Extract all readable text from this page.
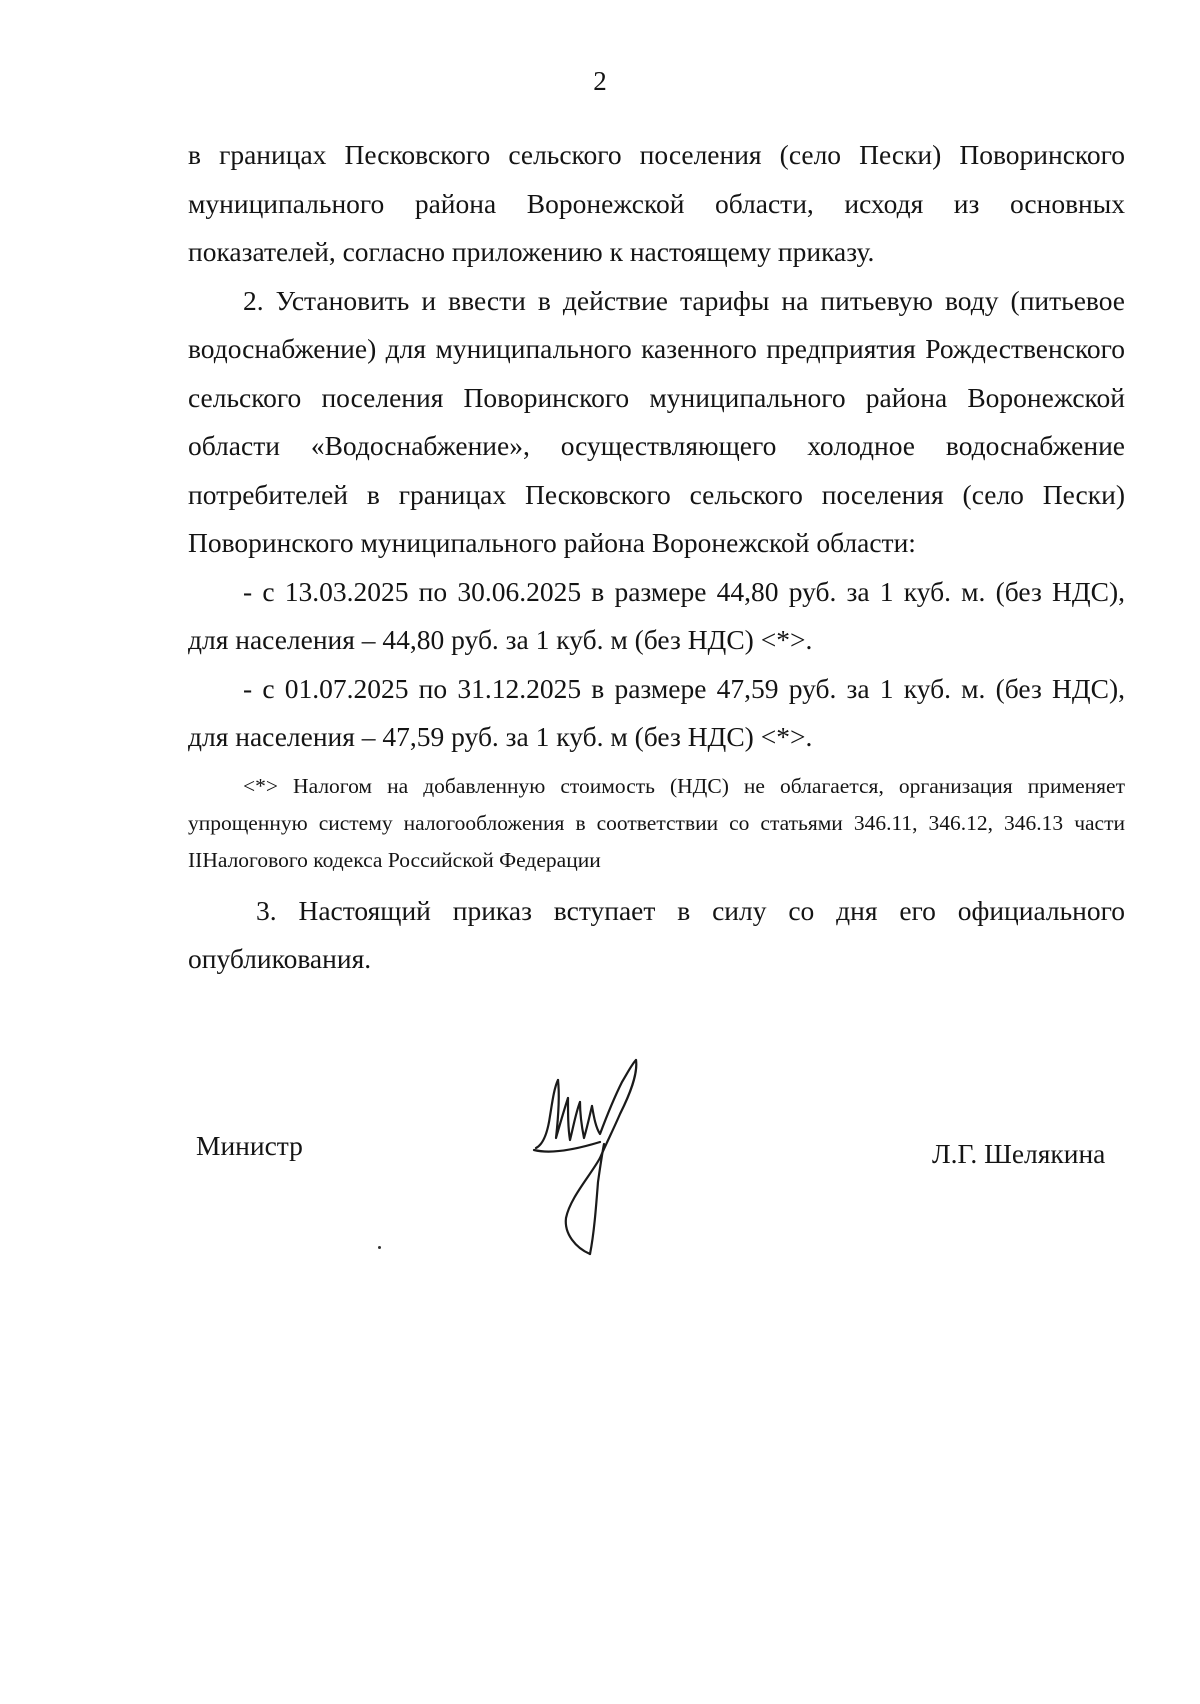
2

в границах Песковского сельского поселения (село Пески) Поворинского муниципального района Воронежской области, исходя из основных показателей, согласно приложению к настоящему приказу.

2. Установить и ввести в действие тарифы на питьевую воду (питьевое водоснабжение) для муниципального казенного предприятия Рождественского сельского поселения Поворинского муниципального района Воронежской области «Водоснабжение», осуществляющего холодное водоснабжение потребителей в границах Песковского сельского поселения (село Пески) Поворинского муниципального района Воронежской области:

- с 13.03.2025 по 30.06.2025 в размере 44,80 руб. за 1 куб. м. (без НДС), для населения – 44,80 руб. за 1 куб. м (без НДС) <*>.

- с 01.07.2025 по 31.12.2025 в размере 47,59 руб. за 1 куб. м. (без НДС), для населения – 47,59 руб. за 1 куб. м (без НДС) <*>.

<*> Налогом на добавленную стоимость (НДС) не облагается, организация применяет упрощенную систему налогообложения в соответствии со статьями 346.11, 346.12, 346.13 части IIНалогового кодекса Российской Федерации

3. Настоящий приказ вступает в силу со дня его официального опубликования.

Министр	Л.Г. Шелякина
